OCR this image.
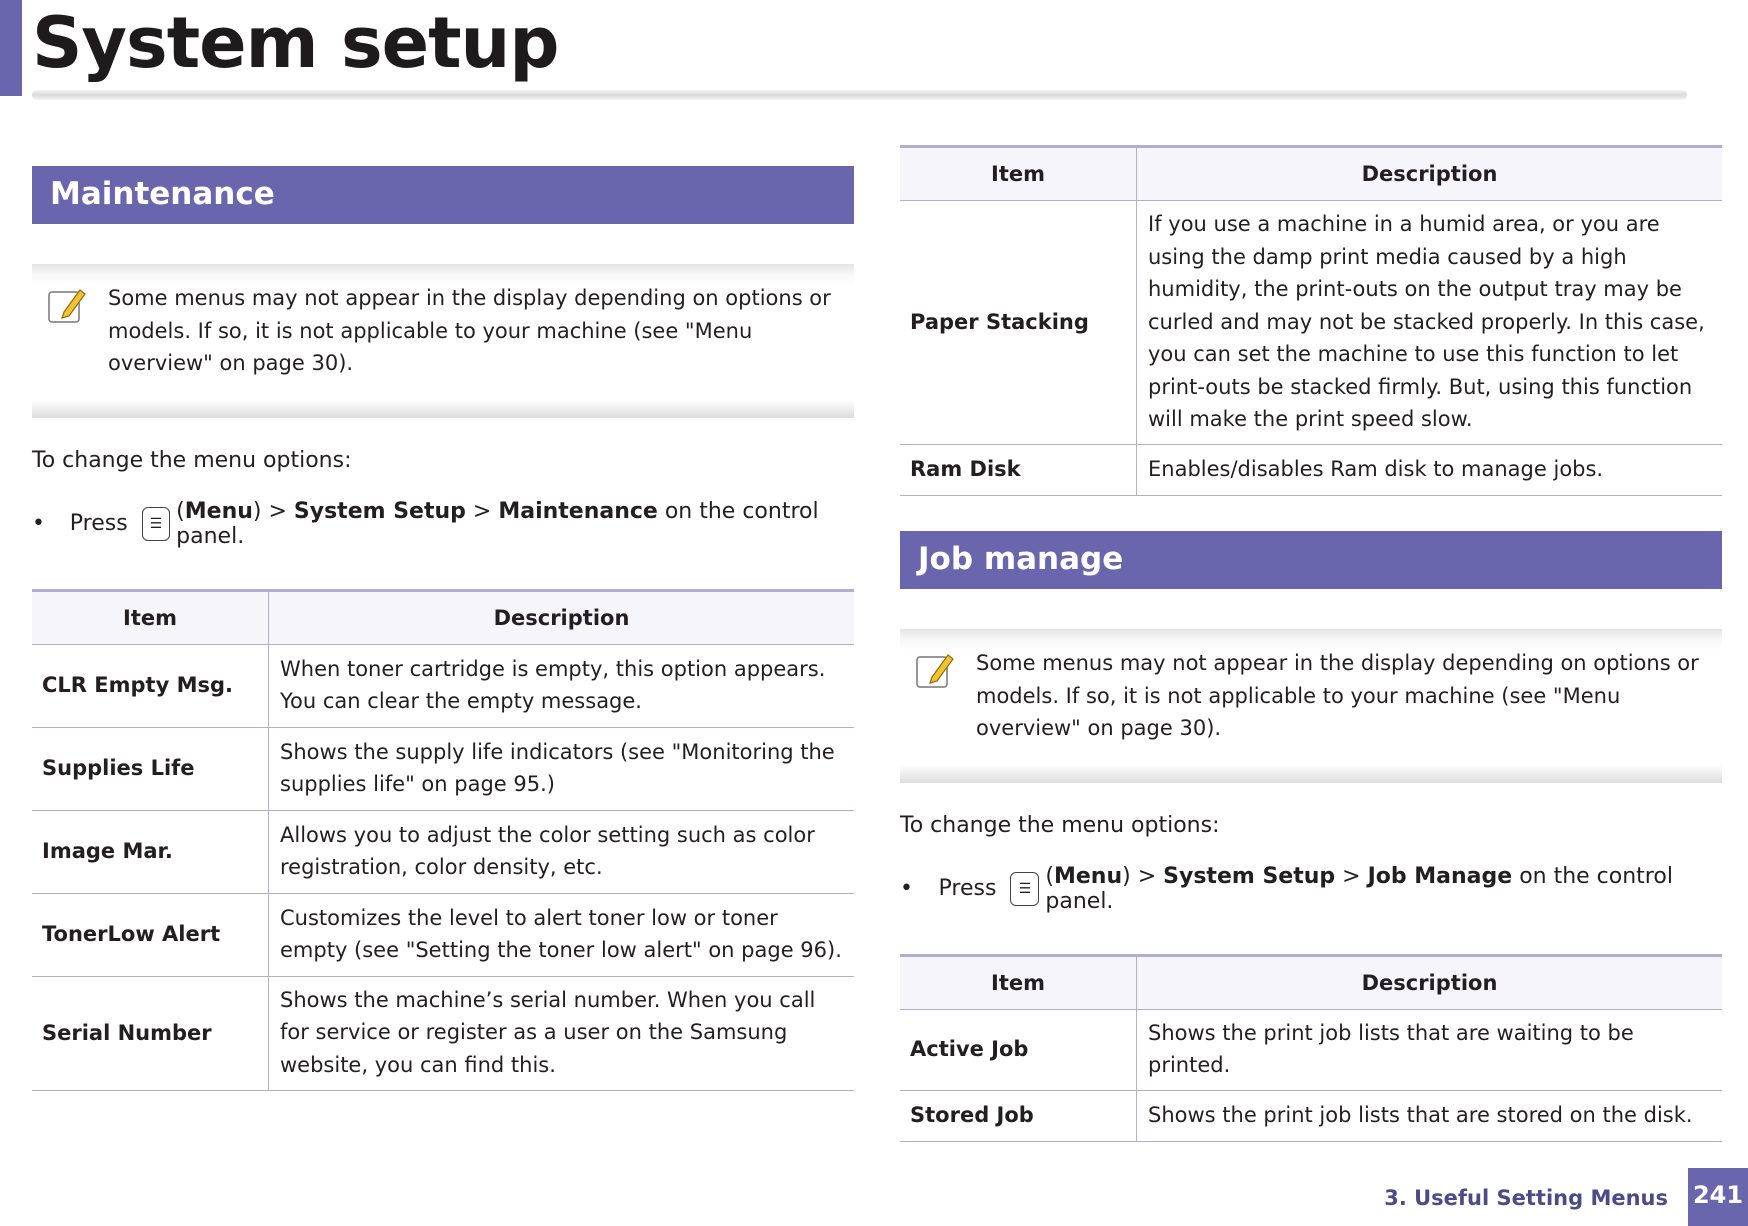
System setup
Maintenance
Some menus may not appear in the display depending on options or models. If so, it is not applicable to your machine (see "Menu overview" on page 30).

To change the menu options:

•	Press	☰ (Menu) > System Setup > Maintenance on the control panel.
Item	Description
CLR Empty Msg.	When toner cartridge is empty, this option appears. You can clear the empty message.
Supplies Life	Shows the supply life indicators (see "Monitoring the supplies life" on page 95.)
Image Mar.	Allows you to adjust the color setting such as color registration, color density, etc.
TonerLow Alert	Customizes the level to alert toner low or toner empty (see "Setting the toner low alert" on page 96).
Serial Number	Shows the machine’s serial number. When you call for service or register as a user on the Samsung website, you can find this.
Item	Description
Paper Stacking	If you use a machine in a humid area, or you are using the damp print media caused by a high humidity, the print-outs on the output tray may be curled and may not be stacked properly. In this case, you can set the machine to use this function to let print-outs be stacked firmly. But, using this function will make the print speed slow.
Ram Disk	Enables/disables Ram disk to manage jobs.
Job manage
Some menus may not appear in the display depending on options or models. If so, it is not applicable to your machine (see "Menu overview" on page 30).

To change the menu options:

•	Press	☰ (Menu) > System Setup > Job Manage on the control panel.
Item	Description
Active Job	Shows the print job lists that are waiting to be printed.
Stored Job	Shows the print job lists that are stored on the disk.
3. Useful Setting Menus 241
